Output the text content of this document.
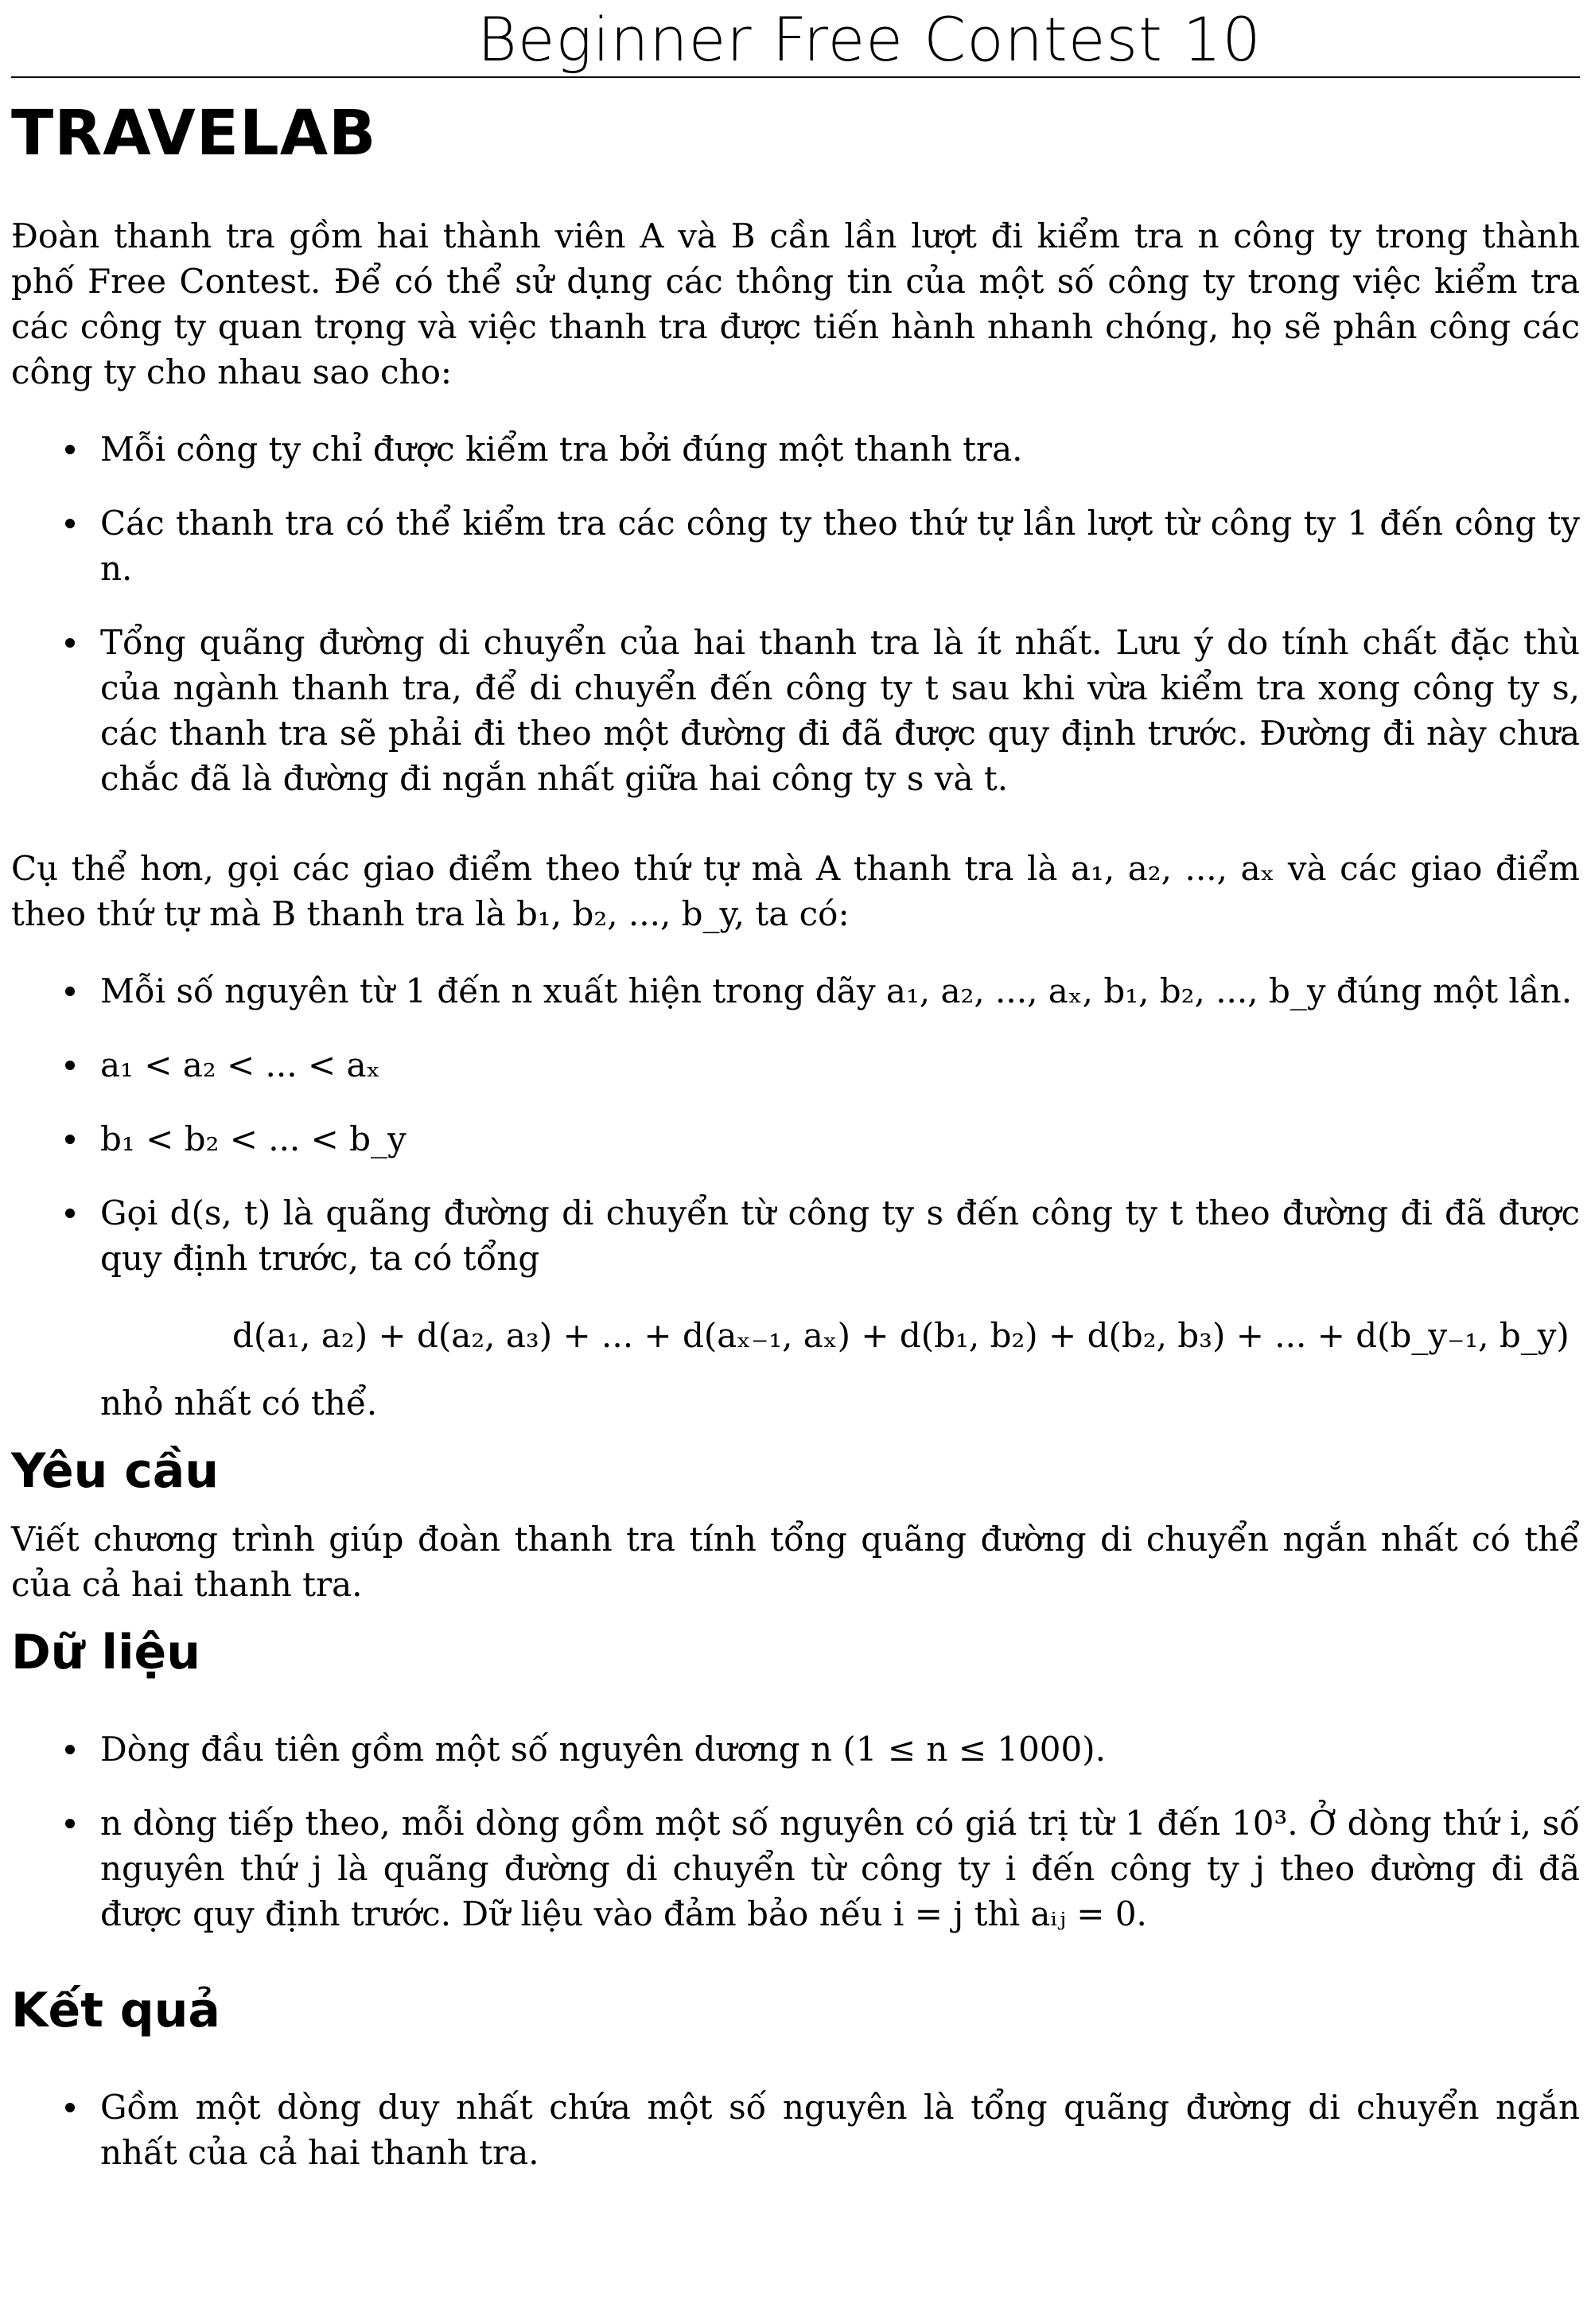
Beginner Free Contest 10
TRAVELAB

Đoàn thanh tra gồm hai thành viên A và B cần lần lượt đi kiểm tra n công ty trong thành phố Free Contest. Để có thể sử dụng các thông tin của một số công ty trong việc kiểm tra các công ty quan trọng và việc thanh tra được tiến hành nhanh chóng, họ sẽ phân công các công ty cho nhau sao cho:

Mỗi công ty chỉ được kiểm tra bởi đúng một thanh tra.
Các thanh tra có thể kiểm tra các công ty theo thứ tự lần lượt từ công ty 1 đến công ty n.
Tổng quãng đường di chuyển của hai thanh tra là ít nhất. Lưu ý do tính chất đặc thù của ngành thanh tra, để di chuyển đến công ty t sau khi vừa kiểm tra xong công ty s, các thanh tra sẽ phải đi theo một đường đi đã được quy định trước. Đường đi này chưa chắc đã là đường đi ngắn nhất giữa hai công ty s và t.

Cụ thể hơn, gọi các giao điểm theo thứ tự mà A thanh tra là a₁, a₂, ..., aₓ và các giao điểm theo thứ tự mà B thanh tra là b₁, b₂, ..., b_y, ta có:

Mỗi số nguyên từ 1 đến n xuất hiện trong dãy a₁, a₂, ..., aₓ, b₁, b₂, ..., b_y đúng một lần.
a₁ < a₂ < ... < aₓ
b₁ < b₂ < ... < b_y
Gọi d(s, t) là quãng đường di chuyển từ công ty s đến công ty t theo đường đi đã được quy định trước, ta có tổng
d(a₁, a₂) + d(a₂, a₃) + ... + d(aₓ₋₁, aₓ) + d(b₁, b₂) + d(b₂, b₃) + ... + d(b_y₋₁, b_y)
nhỏ nhất có thể.
Yêu cầu

Viết chương trình giúp đoàn thanh tra tính tổng quãng đường di chuyển ngắn nhất có thể của cả hai thanh tra.

Dữ liệu
Dòng đầu tiên gồm một số nguyên dương n (1 ≤ n ≤ 1000).
n dòng tiếp theo, mỗi dòng gồm một số nguyên có giá trị từ 1 đến 10³. Ở dòng thứ i, số nguyên thứ j là quãng đường di chuyển từ công ty i đến công ty j theo đường đi đã được quy định trước. Dữ liệu vào đảm bảo nếu i = j thì aᵢⱼ = 0.
Kết quả
Gồm một dòng duy nhất chứa một số nguyên là tổng quãng đường di chuyển ngắn nhất của cả hai thanh tra.
